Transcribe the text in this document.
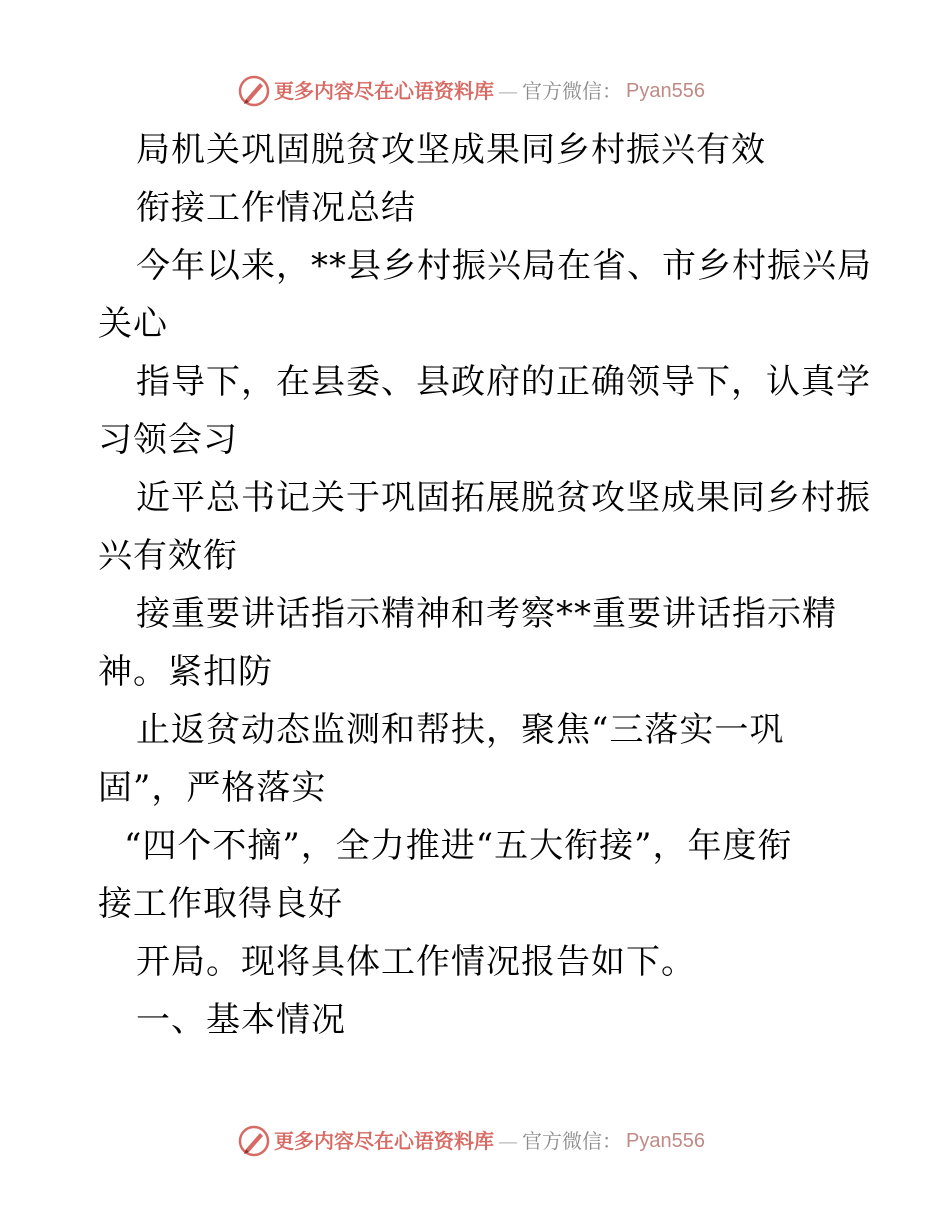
更多内容尽在心语资料库 — 官方微信： Pyan556
局机关巩固脱贫攻坚成果同乡村振兴有效
衔接工作情况总结
今年以来，**县乡村振兴局在省、市乡村振兴局
关心
指导下，在县委、县政府的正确领导下，认真学
习领会习
近平总书记关于巩固拓展脱贫攻坚成果同乡村振
兴有效衔
接重要讲话指示精神和考察**重要讲话指示精
神。紧扣防
止返贫动态监测和帮扶，聚焦“三落实一巩
固”，严格落实
“四个不摘”，全力推进“五大衔接”，年度衔
接工作取得良好
开局。现将具体工作情况报告如下。
一、基本情况
更多内容尽在心语资料库 — 官方微信： Pyan556
